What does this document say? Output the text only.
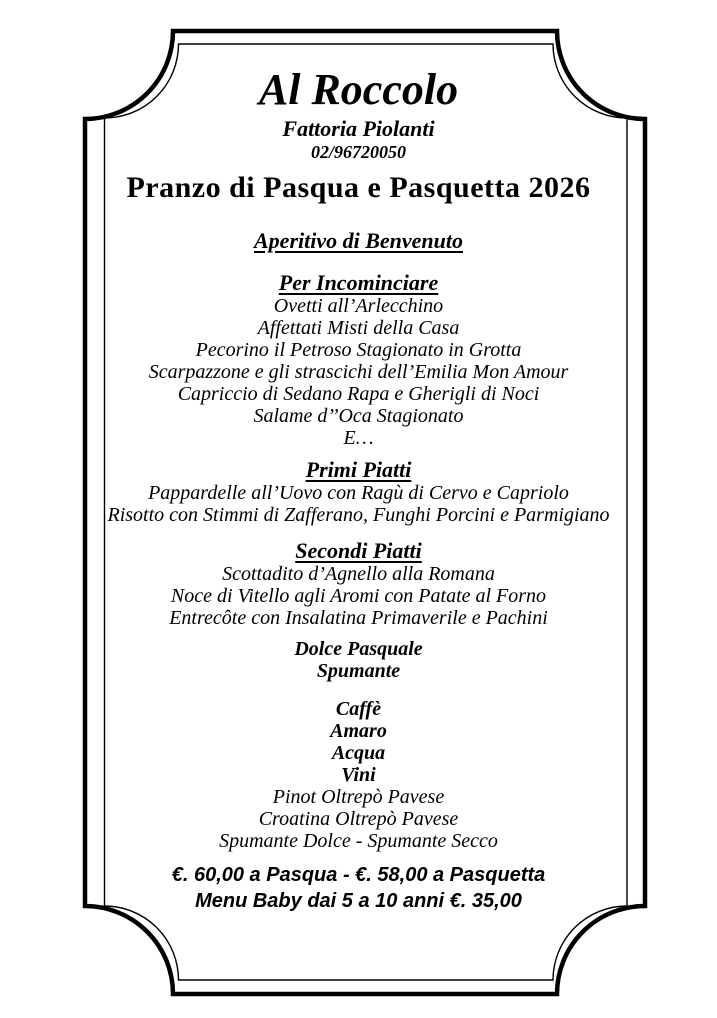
Al Roccolo
Fattoria Piolanti
02/96720050
Pranzo di Pasqua e Pasquetta 2026
Aperitivo di Benvenuto
Per Incominciare
Ovetti all’Arlecchino
Affettati Misti della Casa
Pecorino il Petroso Stagionato in Grotta
Scarpazzone e gli strascichi dell’Emilia Mon Amour
Capriccio di Sedano Rapa e Gherigli di Noci
Salame d’’Oca Stagionato
E…
Primi Piatti
Pappardelle all’Uovo con Ragù di Cervo e Capriolo
Risotto con Stimmi di Zafferano, Funghi Porcini e Parmigiano
Secondi Piatti
Scottadito d’Agnello alla Romana
Noce di Vitello agli Aromi con Patate al Forno
Entrecôte con Insalatina Primaverile e Pachini
Dolce Pasquale
Spumante
Caffè
Amaro
Acqua
Vini
Pinot Oltrepò Pavese
Croatina Oltrepò Pavese
Spumante Dolce - Spumante Secco
€. 60,00 a Pasqua - €. 58,00 a Pasquetta
Menu Baby dai 5 a 10 anni €. 35,00
